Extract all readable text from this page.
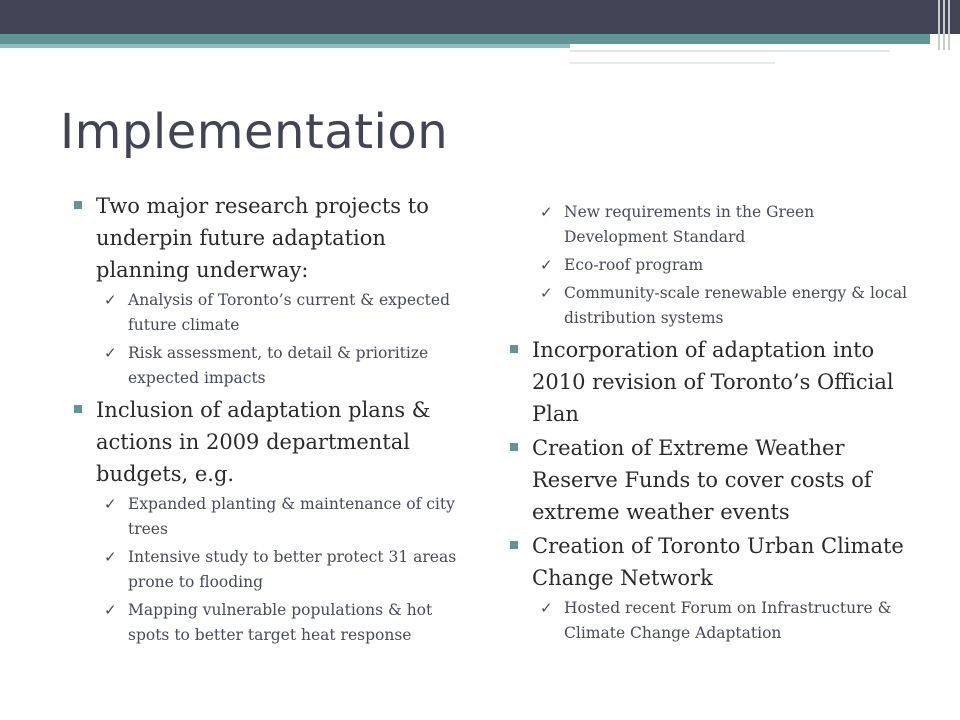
Implementation
Two major research projects to underpin future adaptation planning underway:
✓ Analysis of Toronto’s current & expected future climate
✓ Risk assessment, to detail & prioritize expected impacts
Inclusion of adaptation plans & actions in 2009 departmental budgets, e.g.
✓ Expanded planting & maintenance of city trees
✓ Intensive study to better protect 31 areas prone to flooding
✓ Mapping vulnerable populations & hot spots to better target heat response
✓ New requirements in the Green Development Standard
✓ Eco-roof program
✓ Community-scale renewable energy & local distribution systems
Incorporation of adaptation into 2010 revision of Toronto’s Official Plan
Creation of Extreme Weather Reserve Funds to cover costs of extreme weather events
Creation of Toronto Urban Climate Change Network
✓ Hosted recent Forum on Infrastructure & Climate Change Adaptation
